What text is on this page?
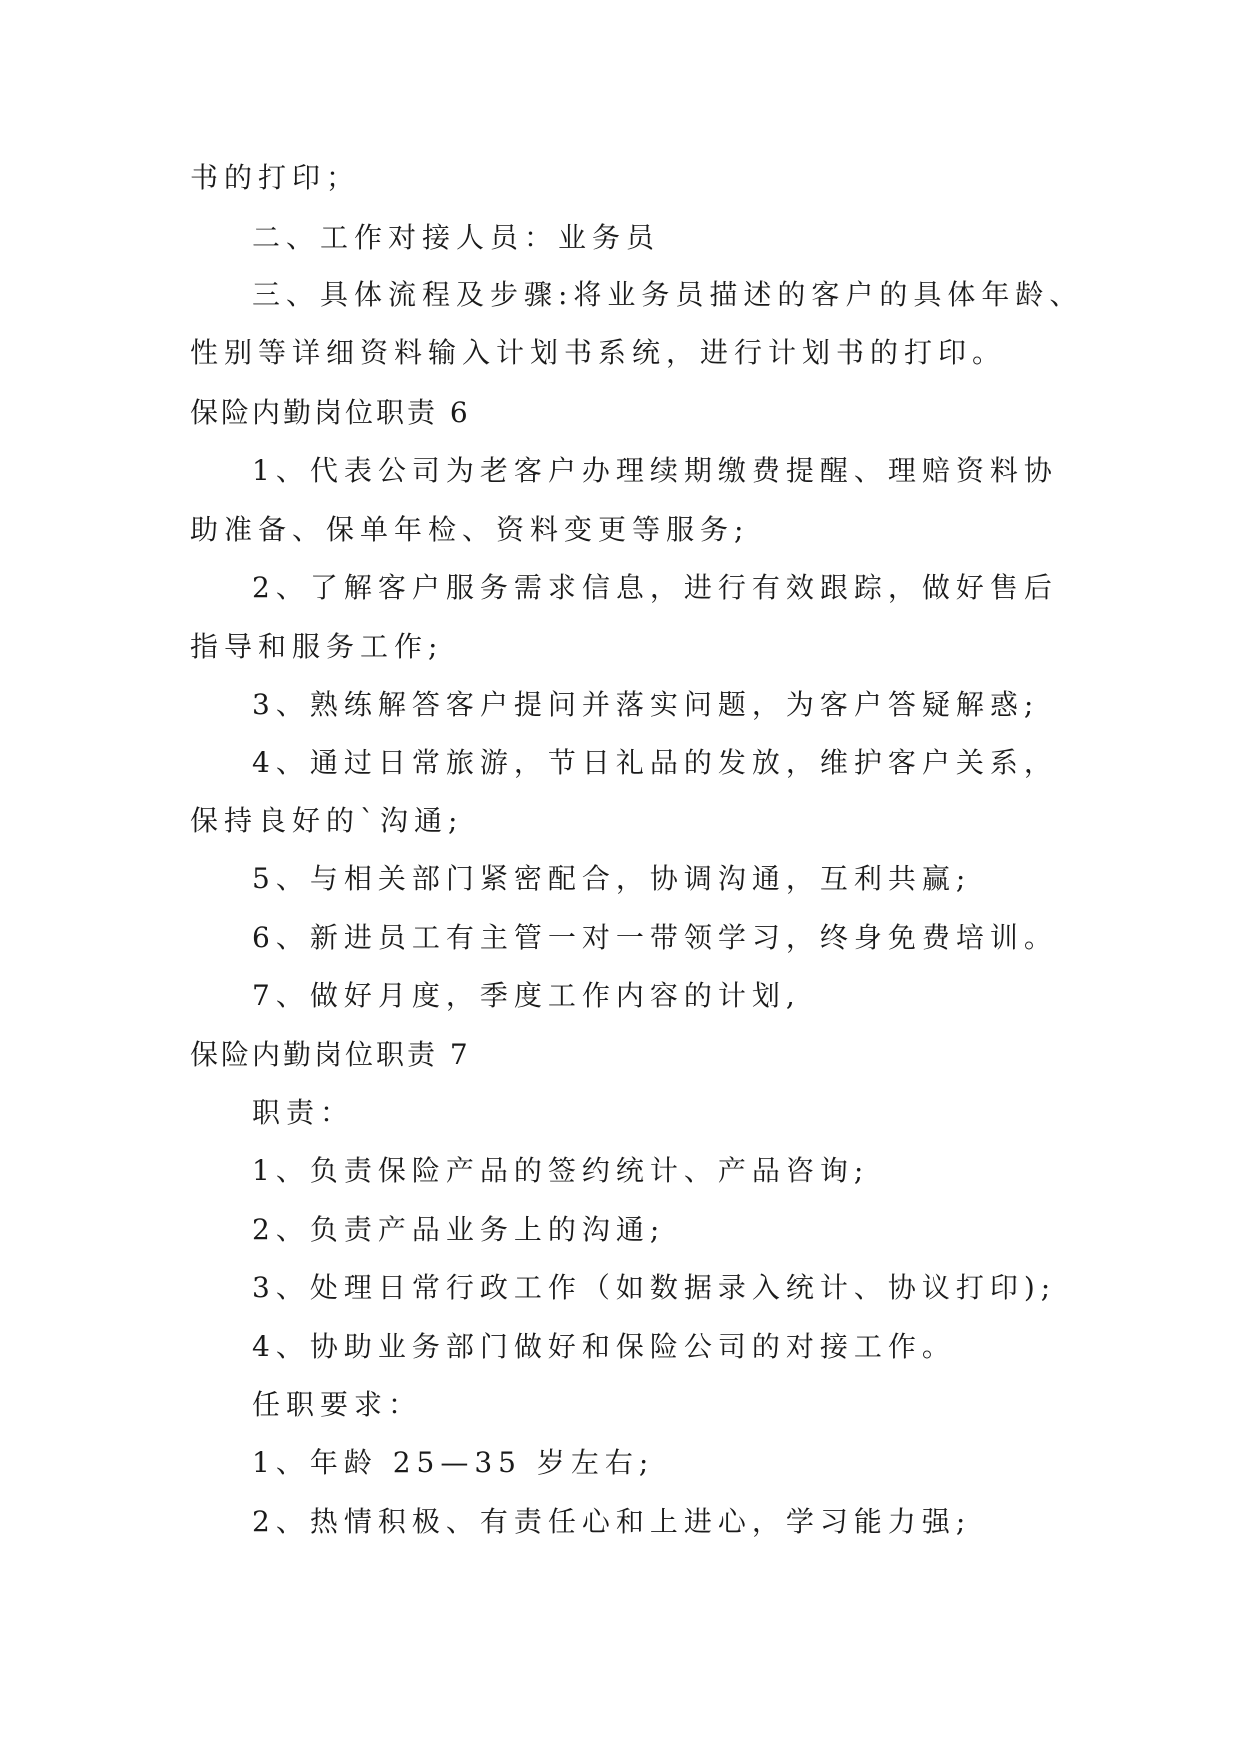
书的打印；
二、工作对接人员：业务员
三、具体流程及步骤:将业务员描述的客户的具体年龄、
性别等详细资料输入计划书系统，进行计划书的打印。
保险内勤岗位职责 6
1、代表公司为老客户办理续期缴费提醒、理赔资料协
助准备、保单年检、资料变更等服务;
2、了解客户服务需求信息，进行有效跟踪，做好售后
指导和服务工作;
3、熟练解答客户提问并落实问题，为客户答疑解惑;
4、通过日常旅游，节日礼品的发放，维护客户关系，
保持良好的`沟通;
5、与相关部门紧密配合，协调沟通，互利共赢;
6、新进员工有主管一对一带领学习，终身免费培训。
7、做好月度，季度工作内容的计划,
保险内勤岗位职责 7
职责：
1、负责保险产品的签约统计、产品咨询;
2、负责产品业务上的沟通;
3、处理日常行政工作（如数据录入统计、协议打印);
4、协助业务部门做好和保险公司的对接工作。
任职要求：
1、年龄 25—35 岁左右;
2、热情积极、有责任心和上进心，学习能力强;
